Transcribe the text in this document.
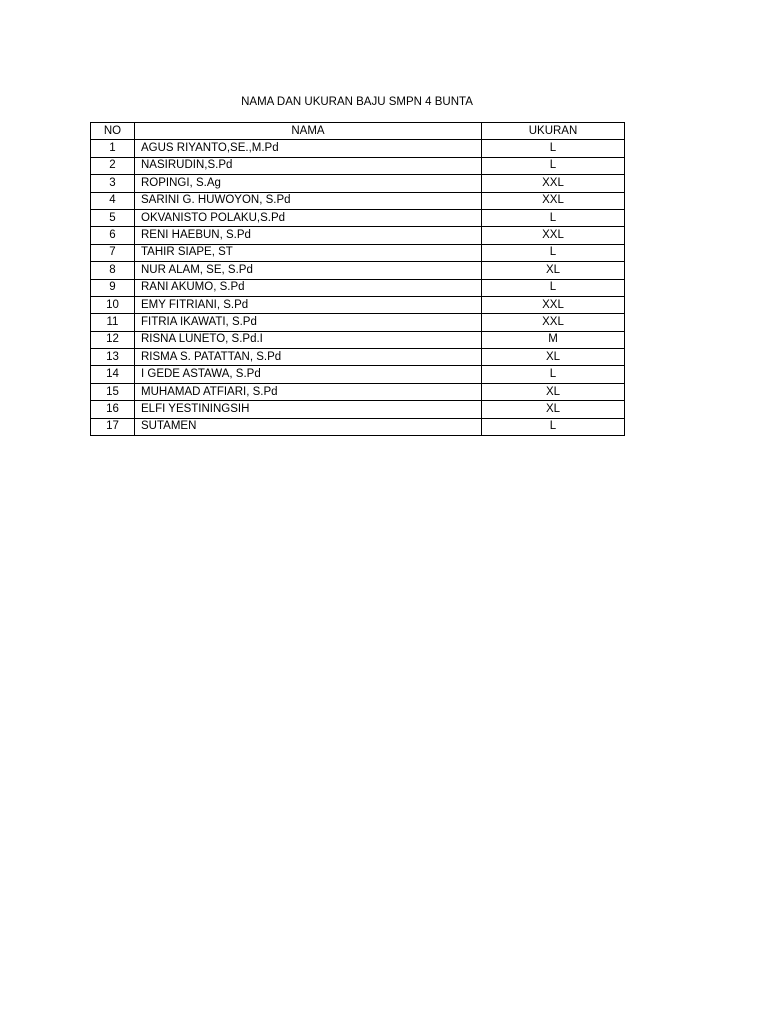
NAMA DAN UKURAN BAJU SMPN 4 BUNTA
NO	NAMA	UKURAN
1	AGUS RIYANTO,SE.,M.Pd	L
2	NASIRUDIN,S.Pd	L
3	ROPINGI, S.Ag	XXL
4	SARINI G. HUWOYON, S.Pd	XXL
5	OKVANISTO POLAKU,S.Pd	L
6	RENI HAEBUN, S.Pd	XXL
7	TAHIR SIAPE, ST	L
8	NUR ALAM, SE, S.Pd	XL
9	RANI AKUMO, S.Pd	L
10	EMY FITRIANI, S.Pd	XXL
11	FITRIA IKAWATI, S.Pd	XXL
12	RISNA LUNETO, S.Pd.I	M
13	RISMA S. PATATTAN, S.Pd	XL
14	I GEDE ASTAWA, S.Pd	L
15	MUHAMAD ATFIARI, S.Pd	XL
16	ELFI YESTININGSIH	XL
17	SUTAMEN	L
